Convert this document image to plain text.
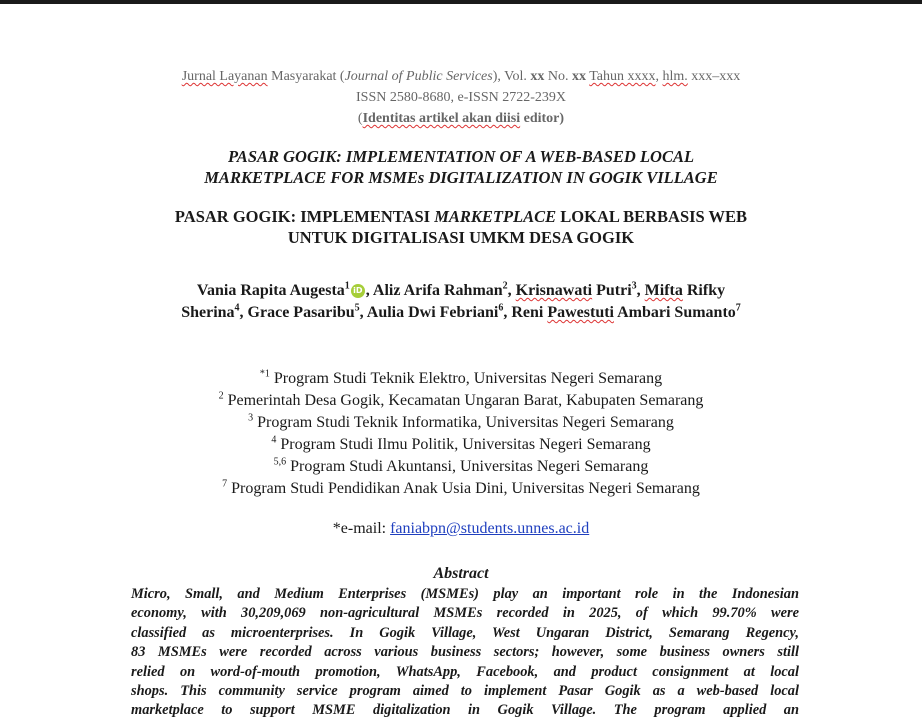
Jurnal Layanan Masyarakat (Journal of Public Services), Vol. xx No. xx Tahun xxxx, hlm. xxx–xxx
ISSN 2580-8680, e-ISSN 2722-239X
(Identitas artikel akan diisi editor)
PASAR GOGIK: IMPLEMENTATION OF A WEB-BASED LOCAL
MARKETPLACE FOR MSMEs DIGITALIZATION IN GOGIK VILLAGE
PASAR GOGIK: IMPLEMENTASI MARKETPLACE LOKAL BERBASIS WEB
UNTUK DIGITALISASI UMKM DESA GOGIK
Vania Rapita Augesta$^1$ iD , Aliz Arifa Rahman$^2$, Krisnawati Putri$^3$, Mifta Rifky
Sherina$^4$, Grace Pasaribu$^5$, Aulia Dwi Febriani$^6$, Reni Pawestuti Ambari Sumanto$^7$
$^{*1}$ Program Studi Teknik Elektro, Universitas Negeri Semarang
$^2$ Pemerintah Desa Gogik, Kecamatan Ungaran Barat, Kabupaten Semarang
$^3$ Program Studi Teknik Informatika, Universitas Negeri Semarang
$^4$ Program Studi Ilmu Politik, Universitas Negeri Semarang
$^{5,6}$ Program Studi Akuntansi, Universitas Negeri Semarang
$^7$ Program Studi Pendidikan Anak Usia Dini, Universitas Negeri Semarang
*e-mail: faniabpn@students.unnes.ac.id
Abstract
Micro, Small, and Medium Enterprises (MSMEs) play an important role in the Indonesian
economy, with 30,209,069 non-agricultural MSMEs recorded in 2025, of which 99.70% were
classified as microenterprises. In Gogik Village, West Ungaran District, Semarang Regency,
83 MSMEs were recorded across various business sectors; however, some business owners still
relied on word-of-mouth promotion, WhatsApp, Facebook, and product consignment at local
shops. This community service program aimed to implement Pasar Gogik as a web-based local
marketplace to support MSME digitalization in Gogik Village. The program applied an
